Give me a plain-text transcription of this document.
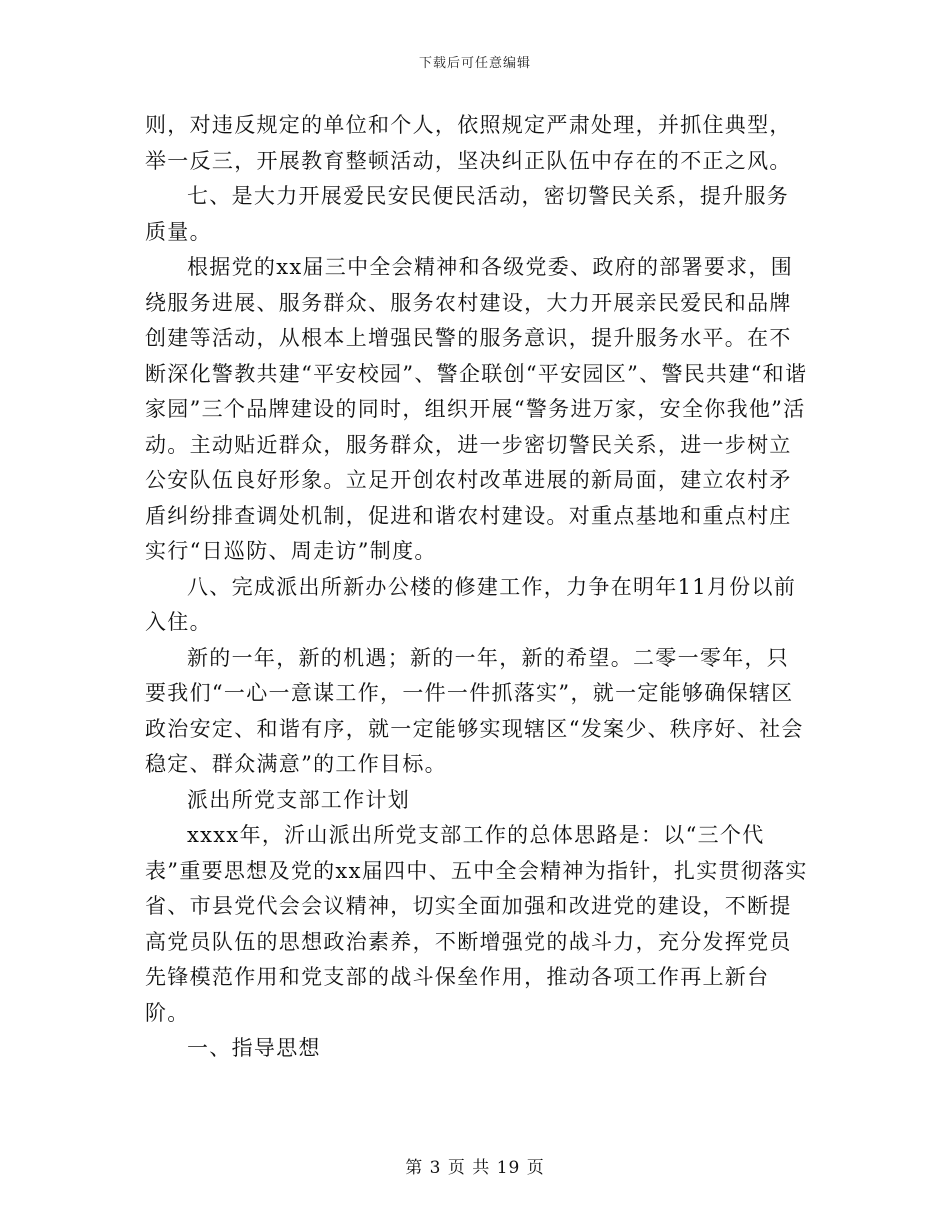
下载后可任意编辑

则，对违反规定的单位和个人，依照规定严肃处理，并抓住典型，举一反三，开展教育整顿活动，坚决纠正队伍中存在的不正之风。

七、是大力开展爱民安民便民活动，密切警民关系，提升服务质量。

根据党的xx届三中全会精神和各级党委、政府的部署要求，围绕服务进展、服务群众、服务农村建设，大力开展亲民爱民和品牌创建等活动，从根本上增强民警的服务意识，提升服务水平。在不断深化警教共建“平安校园”、警企联创“平安园区”、警民共建“和谐家园”三个品牌建设的同时，组织开展“警务进万家，安全你我他”活动。主动贴近群众，服务群众，进一步密切警民关系，进一步树立公安队伍良好形象。立足开创农村改革进展的新局面，建立农村矛盾纠纷排查调处机制，促进和谐农村建设。对重点基地和重点村庄实行“日巡防、周走访”制度。

八、完成派出所新办公楼的修建工作，力争在明年11月份以前入住。

新的一年，新的机遇；新的一年，新的希望。二零一零年，只要我们“一心一意谋工作，一件一件抓落实”，就一定能够确保辖区政治安定、和谐有序，就一定能够实现辖区“发案少、秩序好、社会稳定、群众满意”的工作目标。

派出所党支部工作计划

xxxx年，沂山派出所党支部工作的总体思路是：以“三个代表”重要思想及党的xx届四中、五中全会精神为指针，扎实贯彻落实省、市县党代会会议精神，切实全面加强和改进党的建设，不断提高党员队伍的思想政治素养，不断增强党的战斗力，充分发挥党员先锋模范作用和党支部的战斗保垒作用，推动各项工作再上新台阶。

一、指导思想

第 3 页 共 19 页
